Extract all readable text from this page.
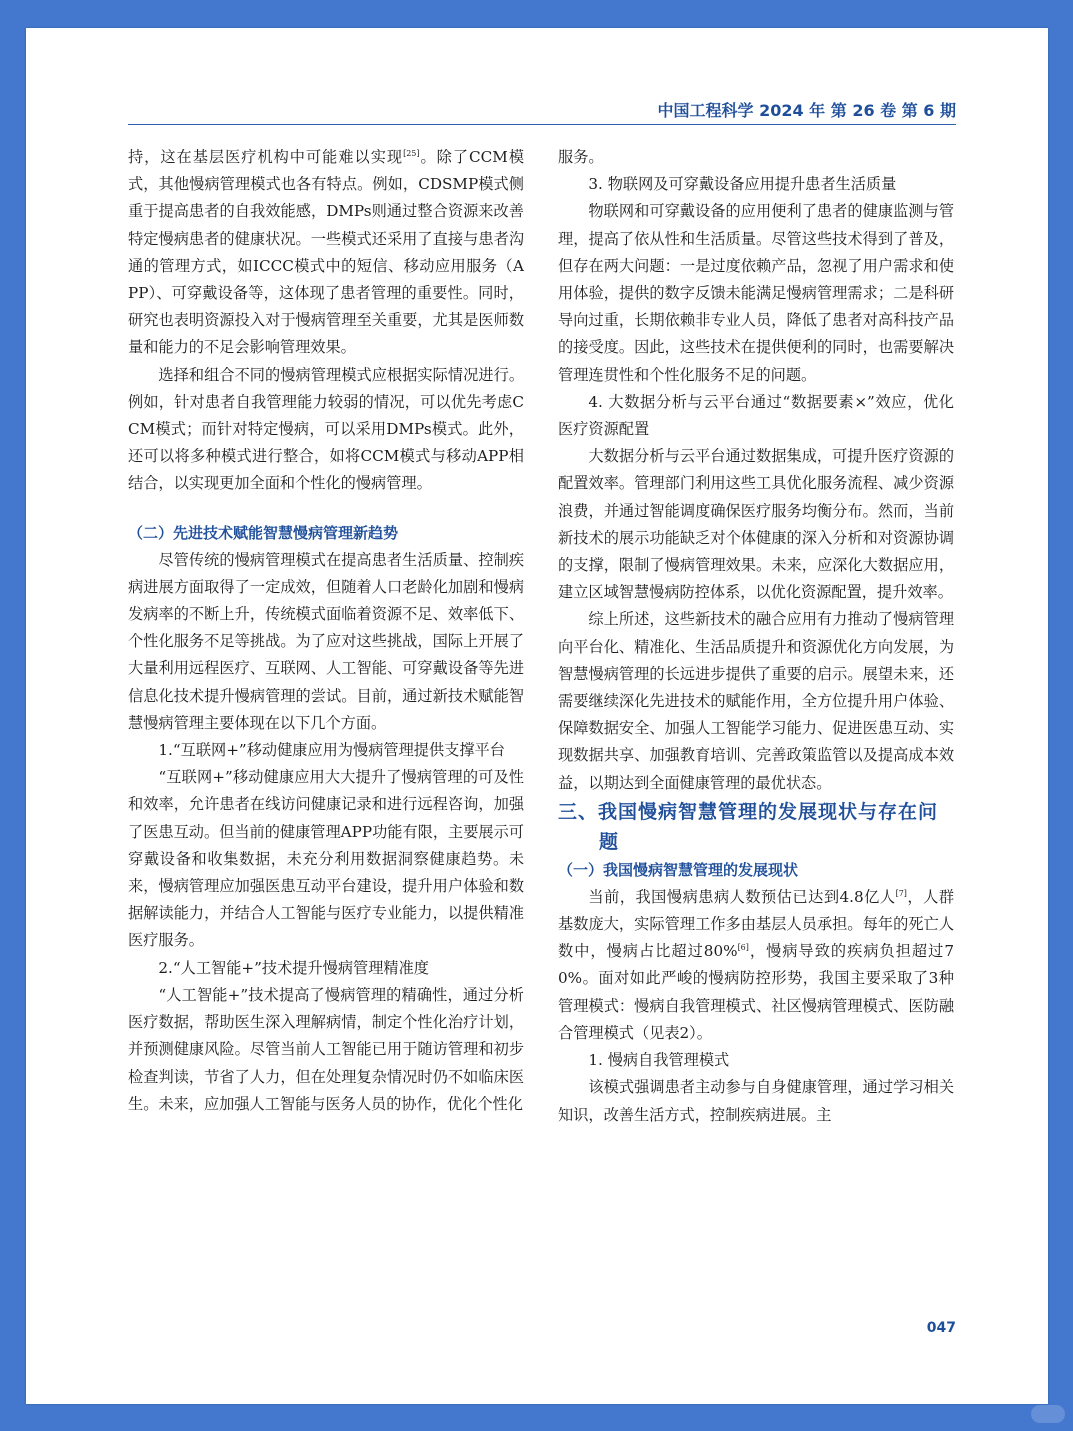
中国工程科学 2024 年 第 26 卷 第 6 期

持，这在基层医疗机构中可能难以实现[25]。除了CCM模式，其他慢病管理模式也各有特点。例如，CDSMP模式侧重于提高患者的自我效能感，DMPs则通过整合资源来改善特定慢病患者的健康状况。一些模式还采用了直接与患者沟通的管理方式，如ICCC模式中的短信、移动应用服务（APP）、可穿戴设备等，这体现了患者管理的重要性。同时，研究也表明资源投入对于慢病管理至关重要，尤其是医师数量和能力的不足会影响管理效果。

选择和组合不同的慢病管理模式应根据实际情况进行。例如，针对患者自我管理能力较弱的情况，可以优先考虑CCM模式；而针对特定慢病，可以采用DMPs模式。此外，还可以将多种模式进行整合，如将CCM模式与移动APP相结合，以实现更加全面和个性化的慢病管理。

（二）先进技术赋能智慧慢病管理新趋势

尽管传统的慢病管理模式在提高患者生活质量、控制疾病进展方面取得了一定成效，但随着人口老龄化加剧和慢病发病率的不断上升，传统模式面临着资源不足、效率低下、个性化服务不足等挑战。为了应对这些挑战，国际上开展了大量利用远程医疗、互联网、人工智能、可穿戴设备等先进信息化技术提升慢病管理的尝试。目前，通过新技术赋能智慧慢病管理主要体现在以下几个方面。

1.“互联网+”移动健康应用为慢病管理提供支撑平台

“互联网+”移动健康应用大大提升了慢病管理的可及性和效率，允许患者在线访问健康记录和进行远程咨询，加强了医患互动。但当前的健康管理APP功能有限，主要展示可穿戴设备和收集数据，未充分利用数据洞察健康趋势。未来，慢病管理应加强医患互动平台建设，提升用户体验和数据解读能力，并结合人工智能与医疗专业能力，以提供精准医疗服务。

2.“人工智能+”技术提升慢病管理精准度

“人工智能+”技术提高了慢病管理的精确性，通过分析医疗数据，帮助医生深入理解病情，制定个性化治疗计划，并预测健康风险。尽管当前人工智能已用于随访管理和初步检查判读，节省了人力，但在处理复杂情况时仍不如临床医生。未来，应加强人工智能与医务人员的协作，优化个性化

服务。

3. 物联网及可穿戴设备应用提升患者生活质量

物联网和可穿戴设备的应用便利了患者的健康监测与管理，提高了依从性和生活质量。尽管这些技术得到了普及，但存在两大问题：一是过度依赖产品，忽视了用户需求和使用体验，提供的数字反馈未能满足慢病管理需求；二是科研导向过重，长期依赖非专业人员，降低了患者对高科技产品的接受度。因此，这些技术在提供便利的同时，也需要解决管理连贯性和个性化服务不足的问题。

4. 大数据分析与云平台通过“数据要素×”效应，优化医疗资源配置

大数据分析与云平台通过数据集成，可提升医疗资源的配置效率。管理部门利用这些工具优化服务流程、减少资源浪费，并通过智能调度确保医疗服务均衡分布。然而，当前新技术的展示功能缺乏对个体健康的深入分析和对资源协调的支撑，限制了慢病管理效果。未来，应深化大数据应用，建立区域智慧慢病防控体系，以优化资源配置，提升效率。

综上所述，这些新技术的融合应用有力推动了慢病管理向平台化、精准化、生活品质提升和资源优化方向发展，为智慧慢病管理的长远进步提供了重要的启示。展望未来，还需要继续深化先进技术的赋能作用，全方位提升用户体验、保障数据安全、加强人工智能学习能力、促进医患互动、实现数据共享、加强教育培训、完善政策监管以及提高成本效益，以期达到全面健康管理的最优状态。

三、我国慢病智慧管理的发展现状与存在问题
（一）我国慢病智慧管理的发展现状

当前，我国慢病患病人数预估已达到4.8亿人[7]，人群基数庞大，实际管理工作多由基层人员承担。每年的死亡人数中，慢病占比超过80%[6]，慢病导致的疾病负担超过70%。面对如此严峻的慢病防控形势，我国主要采取了3种管理模式：慢病自我管理模式、社区慢病管理模式、医防融合管理模式（见表2）。

1. 慢病自我管理模式

该模式强调患者主动参与自身健康管理，通过学习相关知识，改善生活方式，控制疾病进展。主

047
